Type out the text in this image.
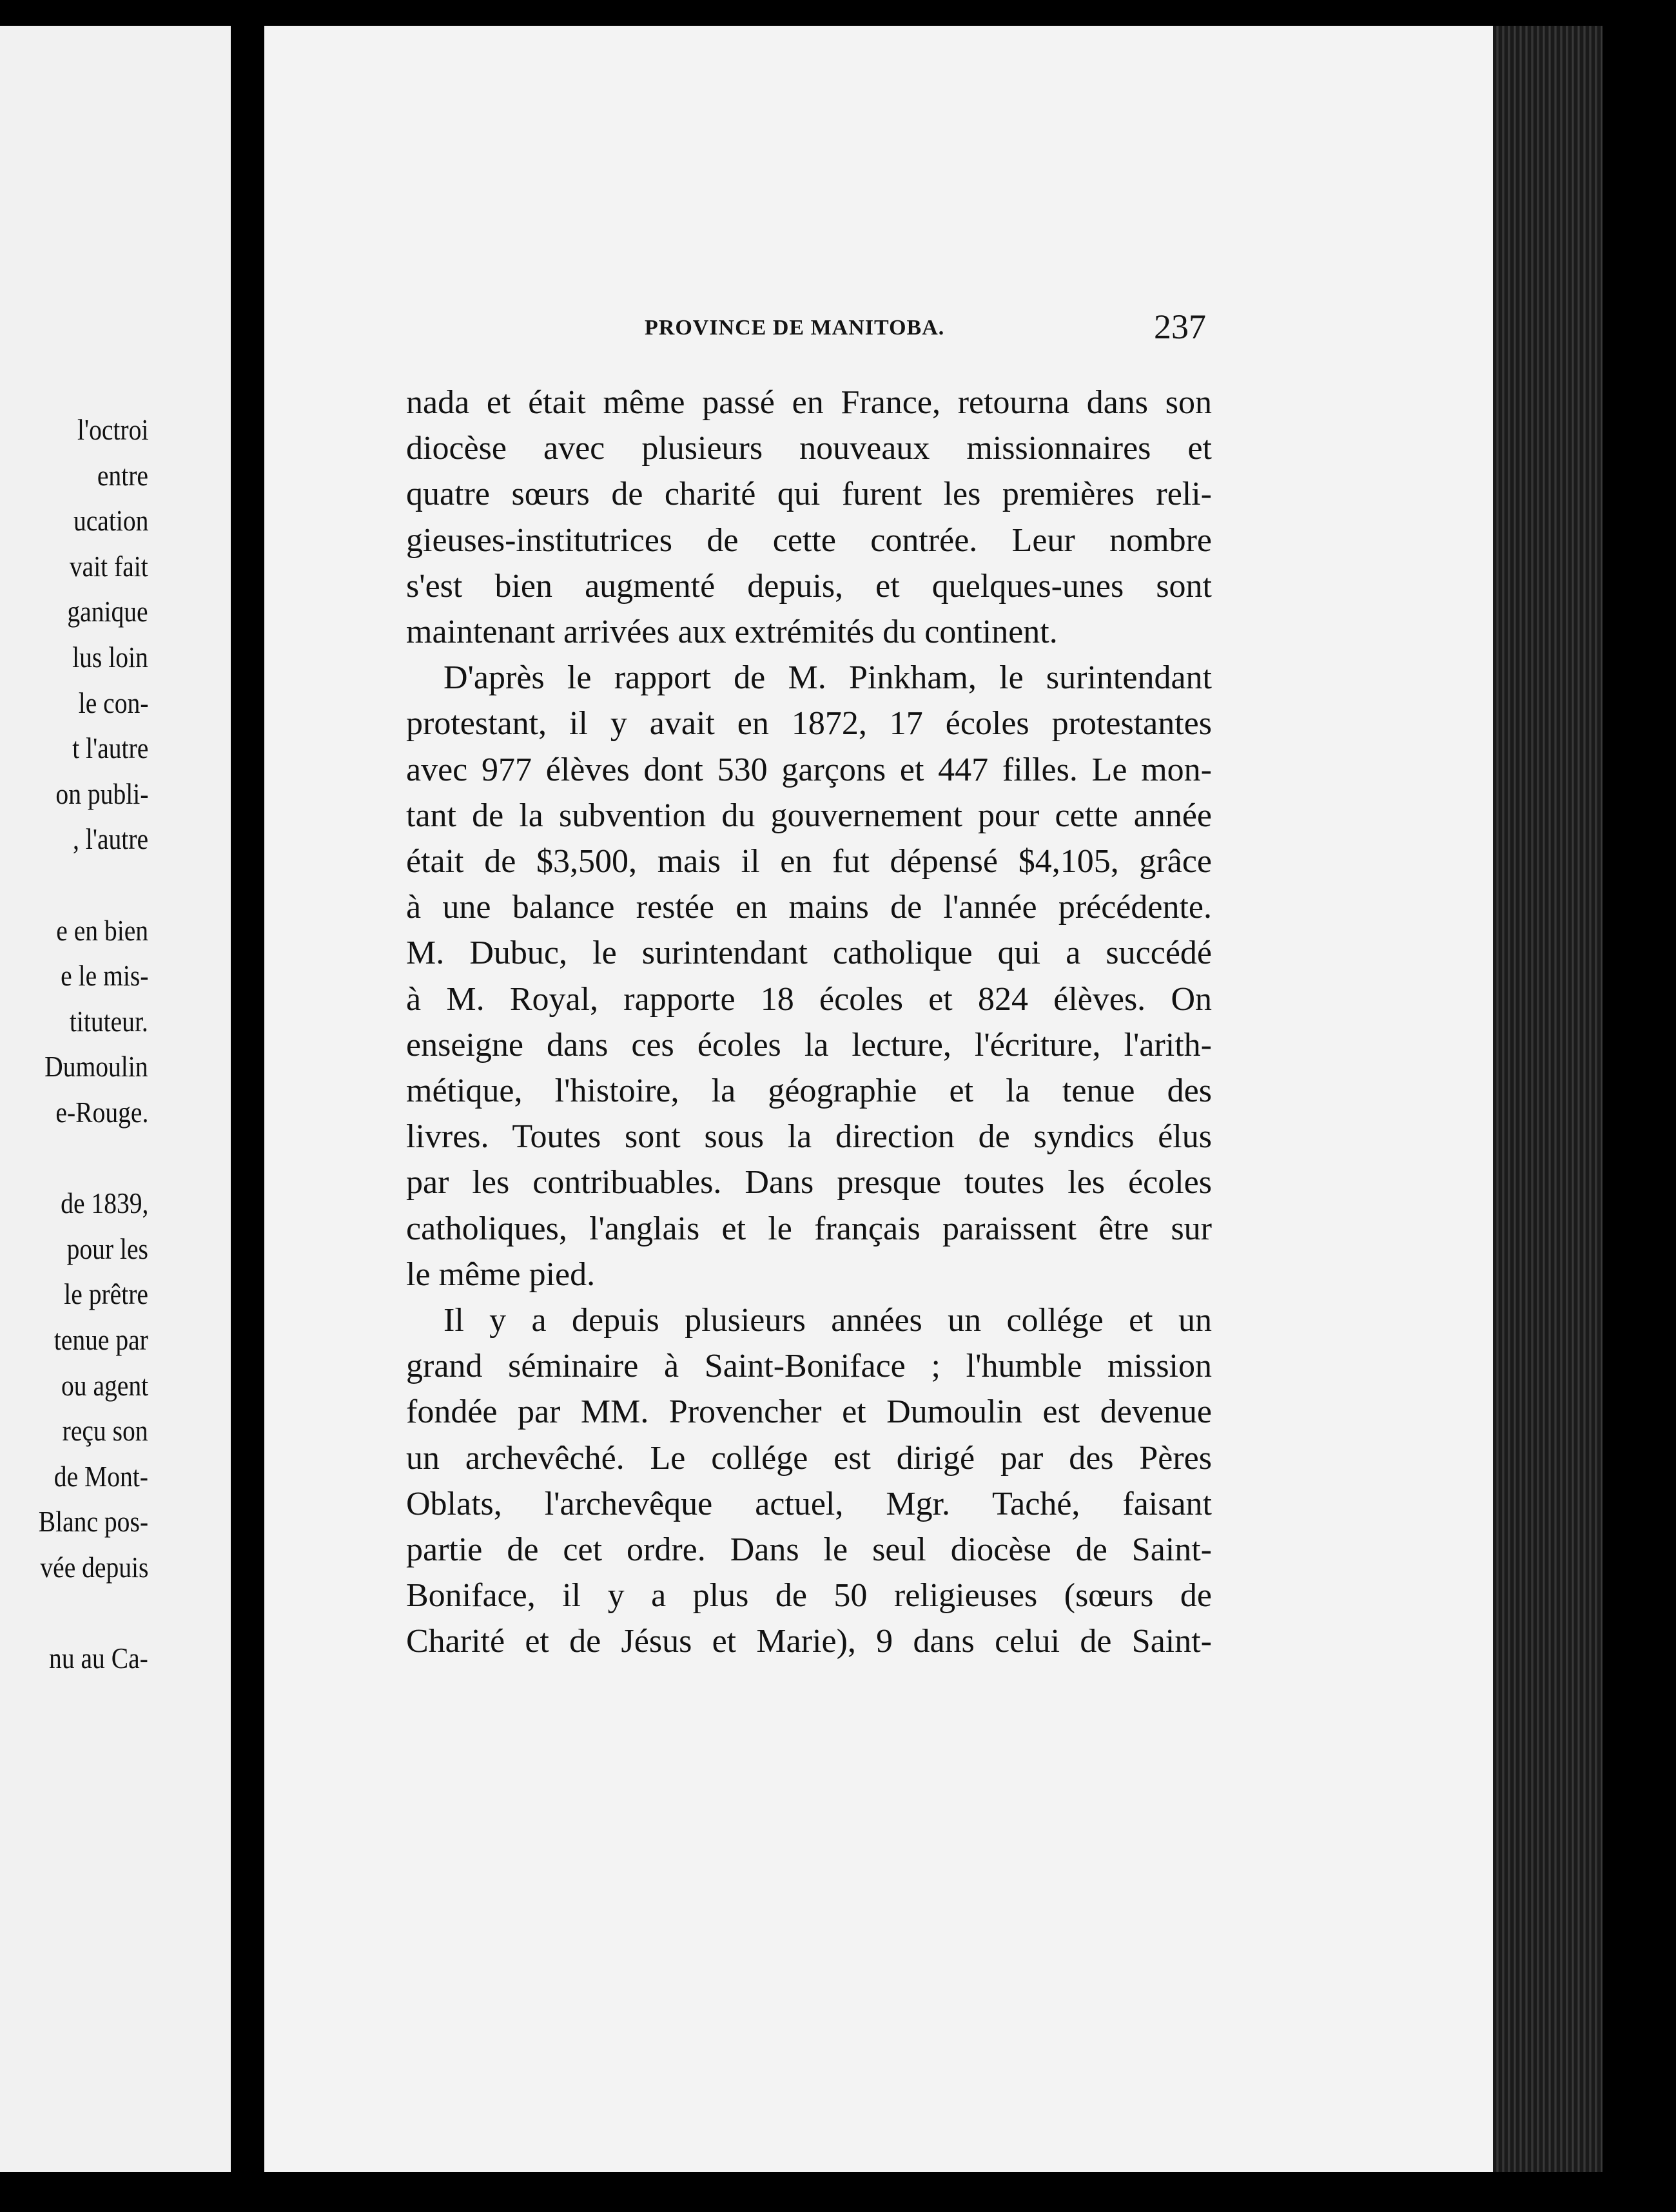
l'octroi
entre
ucation
vait fait
ganique
lus loin
le con-
t l'autre
on publi-
, l'autre
e en bien
e le mis-
tituteur.
Dumoulin
e-Rouge.
de 1839,
pour les
le prêtre
tenue par
ou agent
reçu son
de Mont-
Blanc pos-
vée depuis
nu au Ca-
PROVINCE DE MANITOBA.	237
nada et était même passé en France, retourna dans son
diocèse avec plusieurs nouveaux missionnaires et
quatre sœurs de charité qui furent les premières reli-
gieuses-institutrices de cette contrée. Leur nombre
s'est bien augmenté depuis, et quelques-unes sont
maintenant arrivées aux extrémités du continent.
D'après le rapport de M. Pinkham, le surintendant
protestant, il y avait en 1872, 17 écoles protestantes
avec 977 élèves dont 530 garçons et 447 filles. Le mon-
tant de la subvention du gouvernement pour cette année
était de $3,500, mais il en fut dépensé $4,105, grâce
à une balance restée en mains de l'année précédente.
M. Dubuc, le surintendant catholique qui a succédé
à M. Royal, rapporte 18 écoles et 824 élèves. On
enseigne dans ces écoles la lecture, l'écriture, l'arith-
métique, l'histoire, la géographie et la tenue des
livres. Toutes sont sous la direction de syndics élus
par les contribuables. Dans presque toutes les écoles
catholiques, l'anglais et le français paraissent être sur
le même pied.
Il y a depuis plusieurs années un collége et un
grand séminaire à Saint-Boniface ; l'humble mission
fondée par MM. Provencher et Dumoulin est devenue
un archevêché. Le collége est dirigé par des Pères
Oblats, l'archevêque actuel, Mgr. Taché, faisant
partie de cet ordre. Dans le seul diocèse de Saint-
Boniface, il y a plus de 50 religieuses (sœurs de
Charité et de Jésus et Marie), 9 dans celui de Saint-
